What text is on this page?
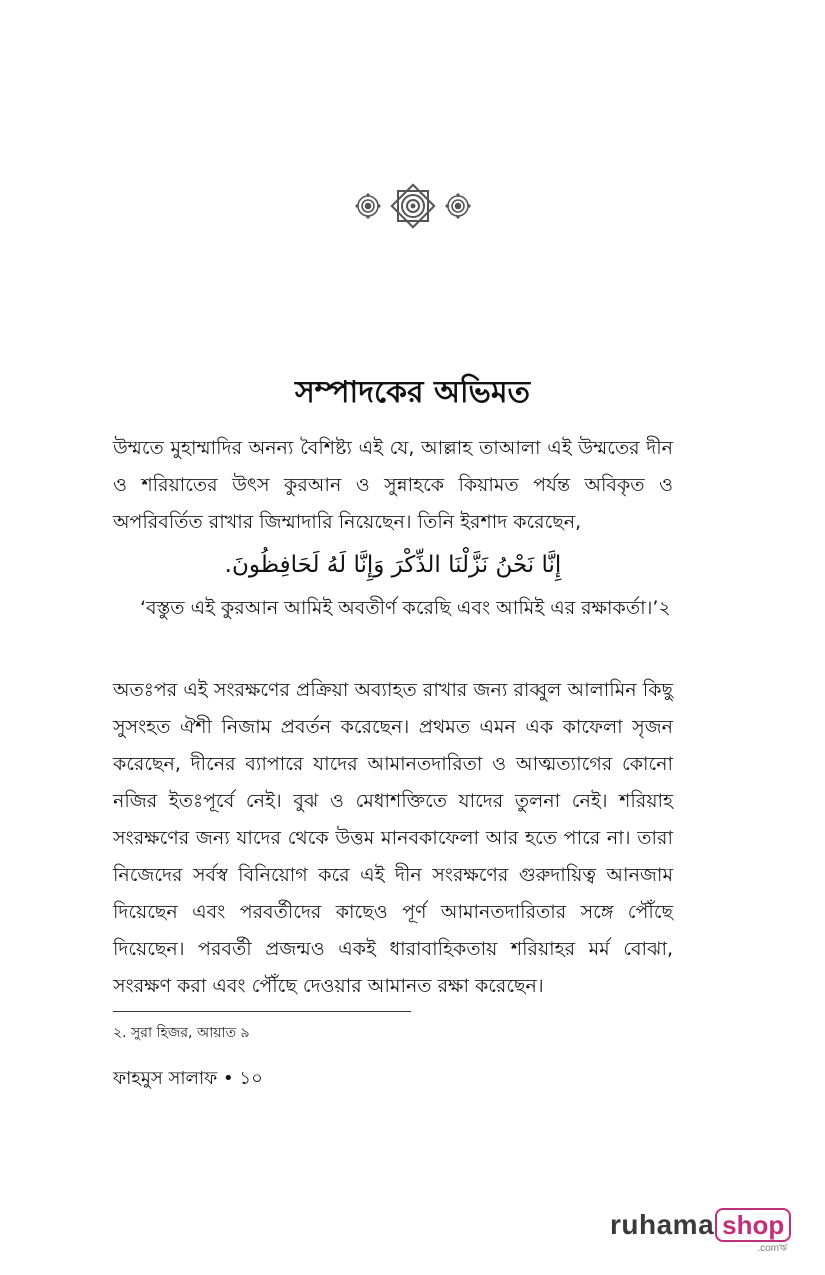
সম্পাদকের অভিমত
উম্মতে মুহাম্মাদির অনন্য বৈশিষ্ট্য এই যে, আল্লাহ তাআলা এই উম্মতের দীন ও শরিয়াতের উৎস কুরআন ও সুন্নাহকে কিয়ামত পর্যন্ত অবিকৃত ও অপরিবর্তিত রাখার জিম্মাদারি নিয়েছেন। তিনি ইরশাদ করেছেন,
إِنَّا نَحْنُ نَزَّلْنَا الذِّكْرَ وَإِنَّا لَهُ لَحَافِظُونَ.
‘বস্তুত এই কুরআন আমিই অবতীর্ণ করেছি এবং আমিই এর রক্ষাকর্তা।’২
অতঃপর এই সংরক্ষণের প্রক্রিয়া অব্যাহত রাখার জন্য রাব্বুল আলামিন কিছু সুসংহত ঐশী নিজাম প্রবর্তন করেছেন। প্রথমত এমন এক কাফেলা সৃজন করেছেন, দীনের ব্যাপারে যাদের আমানতদারিতা ও আত্মত্যাগের কোনো নজির ইতঃপূর্বে নেই। বুঝ ও মেধাশক্তিতে যাদের তুলনা নেই। শরিয়াহ সংরক্ষণের জন্য যাদের থেকে উত্তম মানবকাফেলা আর হতে পারে না। তারা নিজেদের সর্বস্ব বিনিয়োগ করে এই দীন সংরক্ষণের গুরুদায়িত্ব আনজাম দিয়েছেন এবং পরবর্তীদের কাছেও পূর্ণ আমানতদারিতার সঙ্গে পৌঁছে দিয়েছেন। পরবর্তী প্রজন্মও একই ধারাবাহিকতায় শরিয়াহর মর্ম বোঝা, সংরক্ষণ করা এবং পৌঁছে দেওয়ার আমানত রক্ষা করেছেন।
২. সুরা হিজর, আয়াত ৯
ফাহমুস সালাফ • ১০
ruhama shop
.comঋ
